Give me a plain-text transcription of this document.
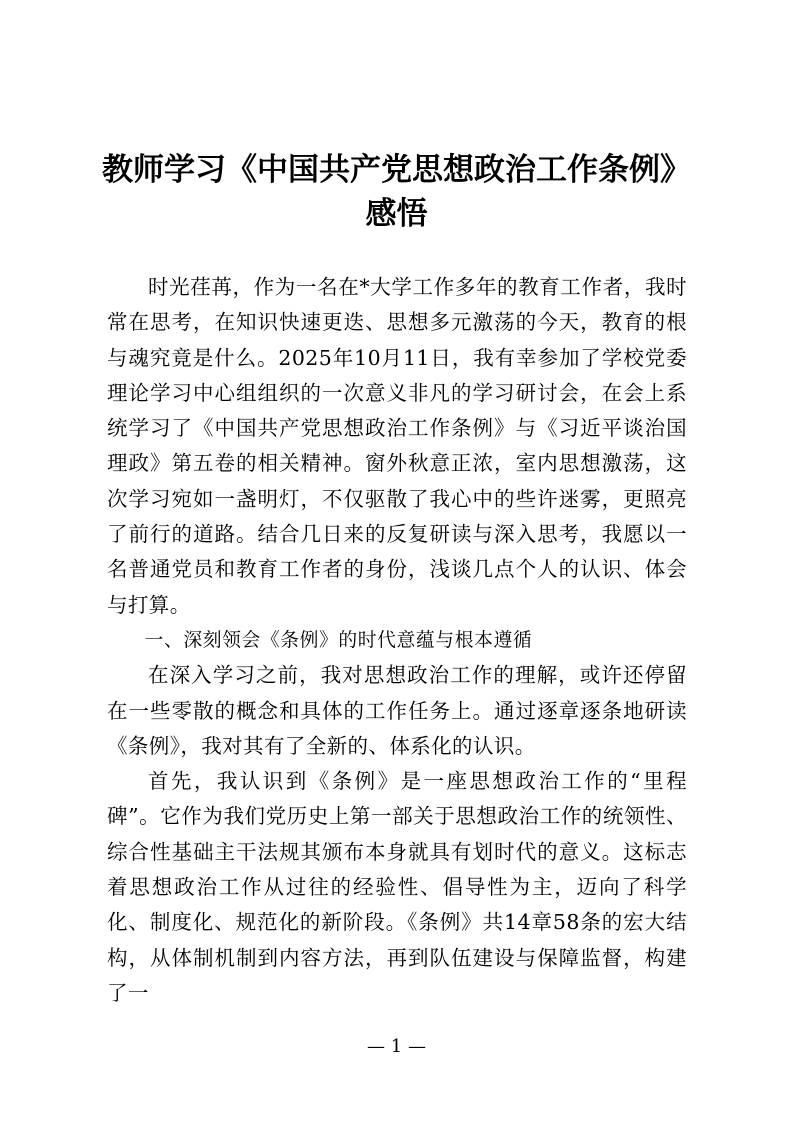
教师学习《中国共产党思想政治工作条例》感悟

时光荏苒，作为一名在*大学工作多年的教育工作者，我时常在思考，在知识快速更迭、思想多元激荡的今天，教育的根与魂究竟是什么。2025年10月11日，我有幸参加了学校党委理论学习中心组组织的一次意义非凡的学习研讨会，在会上系统学习了《中国共产党思想政治工作条例》与《习近平谈治国理政》第五卷的相关精神。窗外秋意正浓，室内思想激荡，这次学习宛如一盏明灯，不仅驱散了我心中的些许迷雾，更照亮了前行的道路。结合几日来的反复研读与深入思考，我愿以一名普通党员和教育工作者的身份，浅谈几点个人的认识、体会与打算。

一、深刻领会《条例》的时代意蕴与根本遵循

在深入学习之前，我对思想政治工作的理解，或许还停留在一些零散的概念和具体的工作任务上。通过逐章逐条地研读《条例》，我对其有了全新的、体系化的认识。

首先，我认识到《条例》是一座思想政治工作的“里程碑”。它作为我们党历史上第一部关于思想政治工作的统领性、综合性基础主干法规其颁布本身就具有划时代的意义。这标志着思想政治工作从过往的经验性、倡导性为主，迈向了科学化、制度化、规范化的新阶段。《条例》共14章58条的宏大结构，从体制机制到内容方法，再到队伍建设与保障监督，构建了一

— 1 —
